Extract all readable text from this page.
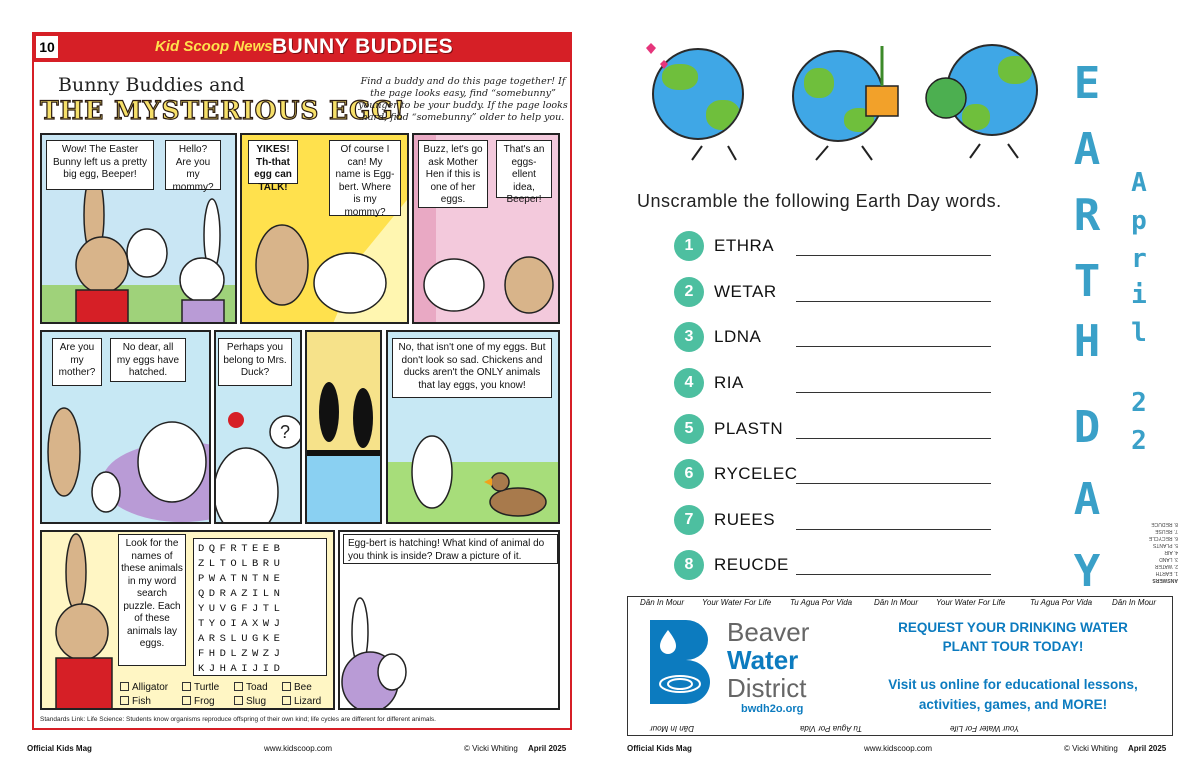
10	Kid Scoop News BUNNY BUDDIES
Bunny Buddies and
THE MYSTERIOUS EGG!
Find a buddy and do this page together! If the page looks easy, find “somebunny” younger to be your buddy. If the page looks hard, find “somebunny” older to help you.
Wow! The Easter Bunny left us a pretty big egg, Beeper!
Hello? Are you my mommy?
YIKES! Th-that egg can TALK!
Of course I can! My name is Egg-bert. Where is my mommy?
Buzz, let's go ask Mother Hen if this is one of her eggs.
That's an eggs-ellent idea, Beeper!
?
Are you my mother?
No dear, all my eggs have hatched.
Perhaps you belong to Mrs. Duck?
No, that isn't one of my eggs. But don't look so sad. Chickens and ducks aren't the ONLY animals that lay eggs, you know!
Egg-bert is hatching! What kind of animal do you think is inside? Draw a picture of it.
Look for the names of these animals in my word search puzzle. Each of these animals lay eggs.
DQFRTEEB
ZLTOLBRU
PWATNTNE
QDRAZILN
YUVGFJTL
TYOIAXWJ
ARSLUGKE
FHDLZWZJ
KJHAIJID
Alligator	Turtle	Toad	Bee
Fish	Frog	Slug	Lizard
Standards Link: Life Science: Students know organisms reproduce offspring of their own kind; life cycles are different for different animals.
Official Kids Mag	www.kidscoop.com	© Vicki Whiting April 2025
Unscramble the following Earth Day words.
1	ETHRA
2	WETAR
3	LDNA
4	RIA
5	PLASTN
6	RYCELEC
7	RUEES
8	REUCDE
E
A
R
T
H
D
A
Y
A
p
r
i
l
2
2
ANSWERS
1. EARTH
2. WATER
3. LAND
4. AIR
5. PLANTS
6. RECYCLE
7. REUSE
8. REDUCE
Dân In Mour Your Water For Life Tu Agua Por Vida	Dân In Mour Your Water For Life	Tu Agua Por Vida Dân In Mour
Dân In Mour	Your Water For Life
Tu Agua Por Vida
Beaver
Water
District
bwdh2o.org
REQUEST YOUR DRINKING WATER
PLANT TOUR TODAY!
Visit us online for educational lessons,
activities, games, and MORE!
Official Kids Mag	www.kidscoop.com	© Vicki Whiting April 2025
